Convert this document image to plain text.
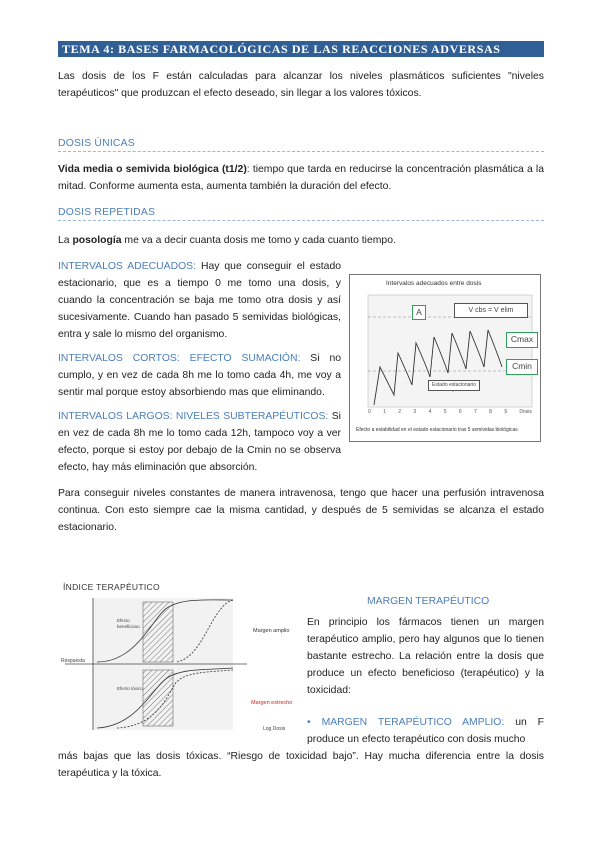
TEMA 4: BASES FARMACOLÓGICAS DE LAS REACCIONES ADVERSAS
Las dosis de los F están calculadas para alcanzar los niveles plasmáticos suficientes "niveles terapéuticos" que produzcan el efecto deseado, sin llegar a los valores tóxicos.
DOSIS ÚNICAS
Vida media o semivida biológica (t1/2): tiempo que tarda en reducirse la concentración plasmática a la mitad. Conforme aumenta esta, aumenta también la duración del efecto.
DOSIS REPETIDAS
La posología me va a decir cuanta dosis me tomo y cada cuanto tiempo.
INTERVALOS ADECUADOS: Hay que conseguir el estado estacionario, que es a tiempo 0 me tomo una dosis, y cuando la concentración se baja me tomo otra dosis y así sucesivamente. Cuando han pasado 5 semividas biológicas, entra y sale lo mismo del organismo.
INTERVALOS CORTOS: EFECTO SUMACIÓN: Si no cumplo, y en vez de cada 8h me lo tomo cada 4h, me voy a sentir mal porque estoy absorbiendo mas que eliminando.
INTERVALOS LARGOS: NIVELES SUBTERAPÉUTICOS: Si en vez de cada 8h me lo tomo cada 12h, tampoco voy a ver efecto, porque si estoy por debajo de la Cmin no se observa efecto, hay más eliminación que absorción.
Intervalos adecuados entre dosis
A	V cbs = V elim
Cmax
Cmin
Estado estacionario
0 1 2 3 4 5 6 7 8 9 Dosis
Efecto a estabilidad en el estado estacionario tras 5 semividas biológicas
Para conseguir niveles constantes de manera intravenosa, tengo que hacer una perfusión intravenosa continua. Con esto siempre cae la misma cantidad, y después de 5 semividas se alcanza el estado estacionario.
ÍNDICE TERAPÉUTICO
Efecto beneficioso
Efecto tóxico
Respuesta
Margen amplio
Margen estrecho
Log Dosis
MARGEN TERAPÉUTICO
En principio los fármacos tienen un margen terapéutico amplio, pero hay algunos que lo tienen bastante estrecho. La relación entre la dosis que produce un efecto beneficioso (terapéutico) y la toxicidad:
• MARGEN TERAPÉUTICO AMPLIO: un F produce un efecto terapéutico con dosis mucho
más bajas que las dosis tóxicas. “Riesgo de toxicidad bajo”. Hay mucha diferencia entre la dosis terapéutica y la tóxica.
